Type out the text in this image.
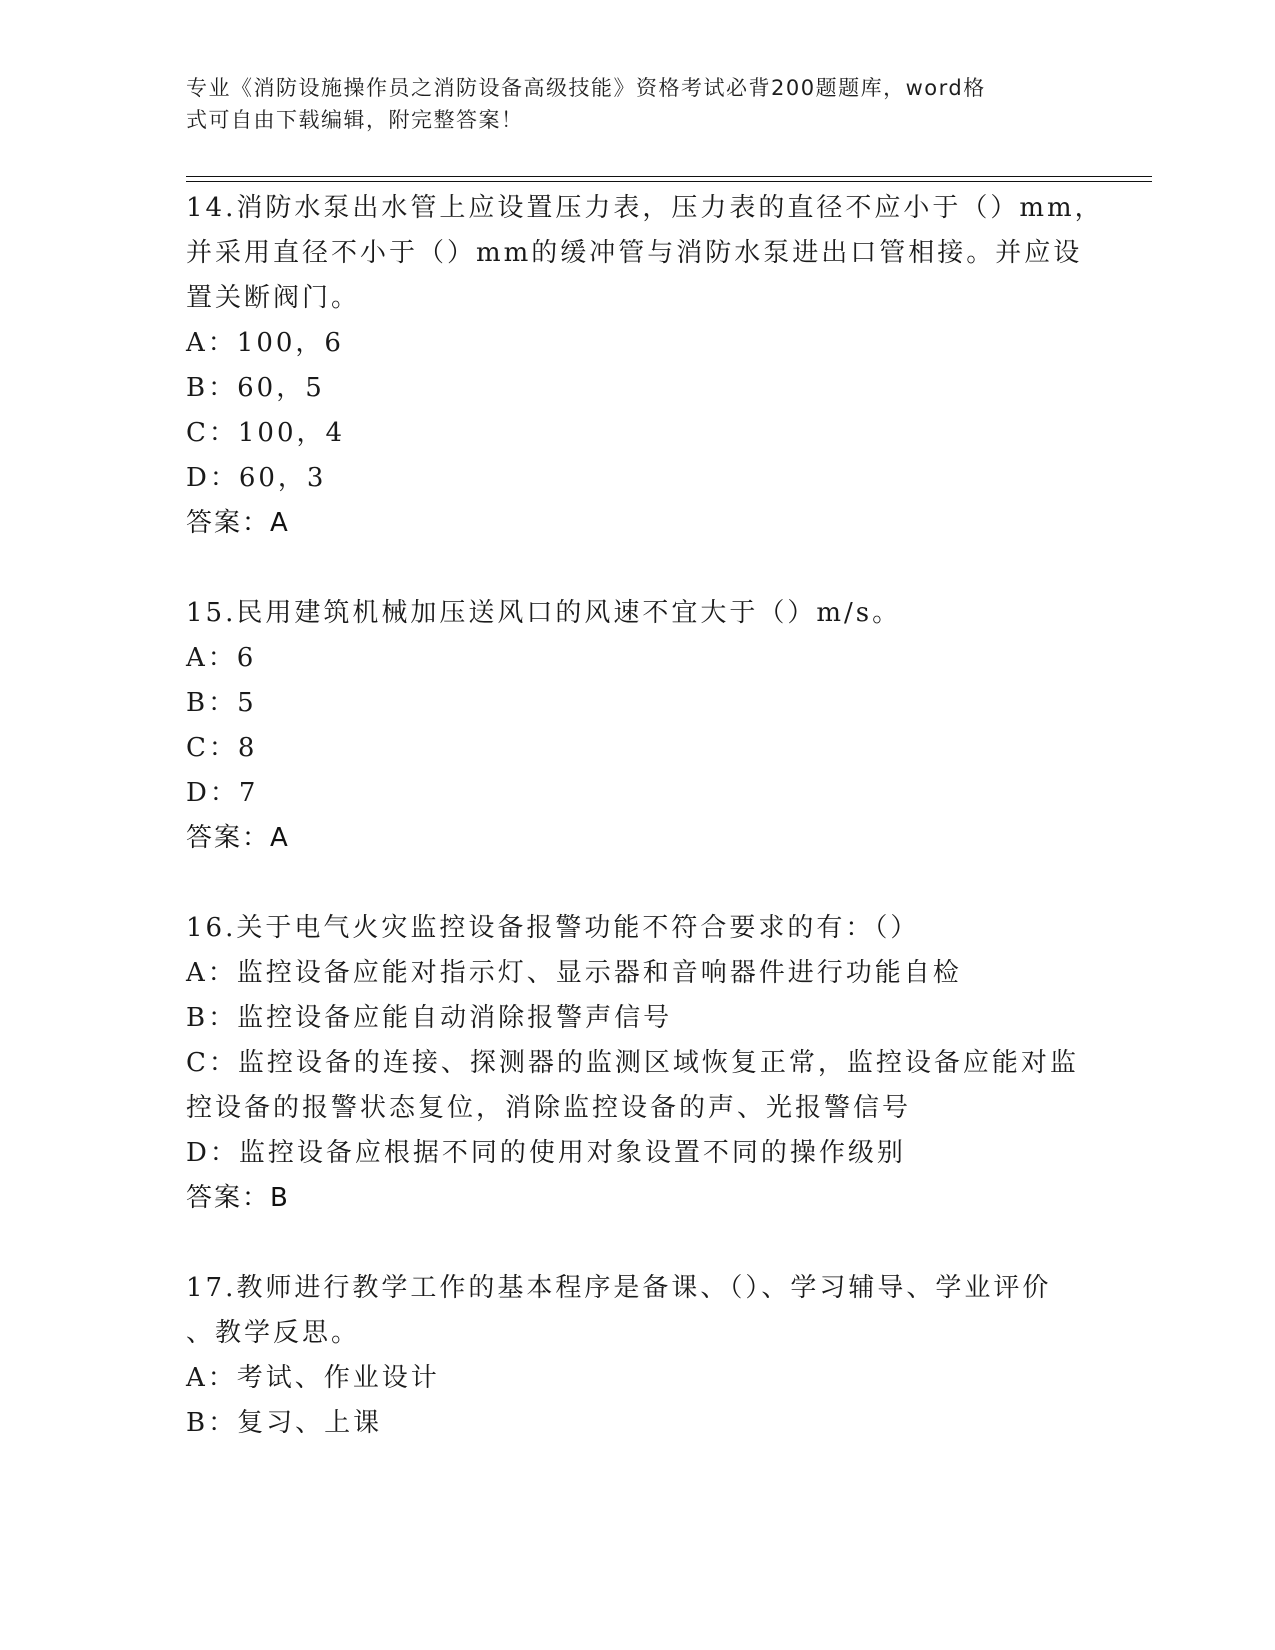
专业《消防设施操作员之消防设备高级技能》资格考试必背200题题库，word格
式可自由下载编辑，附完整答案！
14.消防水泵出水管上应设置压力表，压力表的直径不应小于（）mm，
并采用直径不小于（）mm的缓冲管与消防水泵进出口管相接。并应设
置关断阀门。
A：100，6
B：60，5
C：100，4
D：60，3
答案：A
15.民用建筑机械加压送风口的风速不宜大于（）m/s。
A：6
B：5
C：8
D：7
答案：A
16.关于电气火灾监控设备报警功能不符合要求的有：（）
A：监控设备应能对指示灯、显示器和音响器件进行功能自检
B：监控设备应能自动消除报警声信号
C：监控设备的连接、探测器的监测区域恢复正常，监控设备应能对监
控设备的报警状态复位，消除监控设备的声、光报警信号
D：监控设备应根据不同的使用对象设置不同的操作级别
答案：B
17.教师进行教学工作的基本程序是备课、（）、学习辅导、学业评价
、教学反思。
A：考试、作业设计
B：复习、上课
